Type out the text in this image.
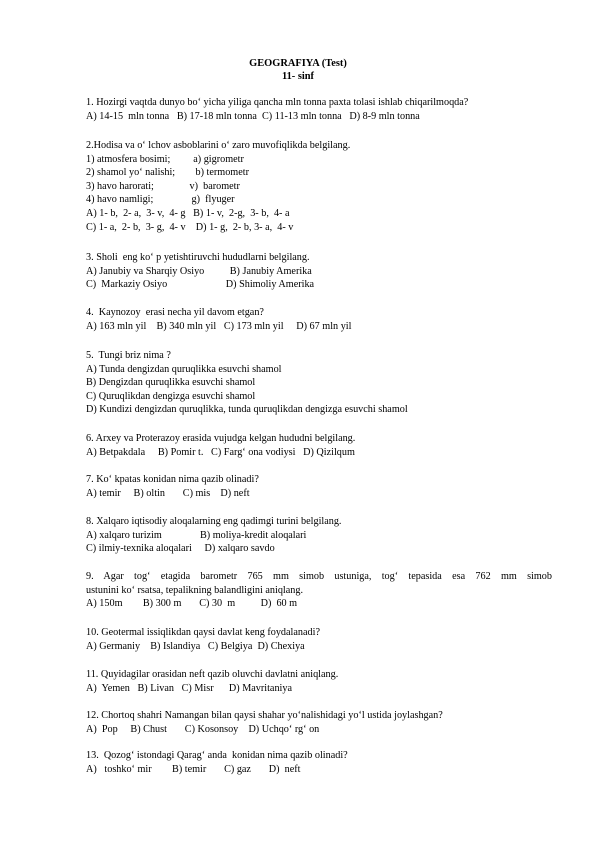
GEOGRAFIYA (Test)
11- sinf
1. Hozirgi vaqtda dunyo bo‘ yicha yiliga qancha mln tonna paxta tolasi ishlab chiqarilmoqda?
A) 14-15  mln tonna   B) 17-18 mln tonna  C) 11-13 mln tonna   D) 8-9 mln tonna
2.Hodisa va o‘ lchov asboblarini o‘ zaro muvofiqlikda belgilang.
1) atmosfera bosimi;         a) gigrometr
2) shamol yo‘ nalishi;        b) termometr
3) havo harorati;              v)  barometr
4) havo namligi;               g)  flyuger
A) 1- b,  2- a,  3- v,  4- g   B) 1- v,  2-g,  3- b,  4- a
C) 1- a,  2- b,  3- g,  4- v    D) 1- g,  2- b, 3- a,  4- v
3. Sholi  eng ko‘ p yetishtiruvchi hududlarni belgilang.
A) Janubiy va Sharqiy Osiyo          B) Janubiy Amerika
C)  Markaziy Osiyo                       D) Shimoliy Amerika
4.  Kaynozoy  erasi necha yil davom etgan?
A) 163 mln yil    B) 340 mln yil   C) 173 mln yil     D) 67 mln yil
5.  Tungi briz nima ?
A) Tunda dengizdan quruqlikka esuvchi shamol
B) Dengizdan quruqlikka esuvchi shamol
C) Quruqlikdan dengizga esuvchi shamol
D) Kundizi dengizdan quruqlikka, tunda quruqlikdan dengizga esuvchi shamol
6. Arxey va Proterazoy erasida vujudga kelgan hududni belgilang.
A) Betpakdala     B) Pomir t.   C) Farg‘ ona vodiysi   D) Qizilqum
7. Ko‘ kpatas konidan nima qazib olinadi?
A) temir     B) oltin       C) mis    D) neft
8. Xalqaro iqtisodiy aloqalarning eng qadimgi turini belgilang.
A) xalqaro turizim               B) moliya-kredit aloqalari
C) ilmiy-texnika aloqalari     D) xalqaro savdo
9. Agar tog‘ etagida barometr 765 mm simob ustuniga, tog‘ tepasida esa 762 mm simob
ustunini ko‘ rsatsa, tepalikning balandligini aniqlang.
A) 150m        B) 300 m       C) 30  m          D)  60 m
10. Geotermal issiqlikdan qaysi davlat keng foydalanadi?
A) Germaniy    B) Islandiya   C) Belgiya  D) Chexiya
11. Quyidagilar orasidan neft qazib oluvchi davlatni aniqlang.
A)  Yemen   B) Livan   C) Misr      D) Mavritaniya
12. Chortoq shahri Namangan bilan qaysi shahar yo‘nalishidagi yo‘l ustida joylashgan?
A)  Pop     B) Chust       C) Kosonsoy    D) Uchqo‘ rg‘ on
13.  Qozog‘ istondagi Qarag‘ anda  konidan nima qazib olinadi?
A)   toshko‘ mir        B) temir       C) gaz       D)  neft
